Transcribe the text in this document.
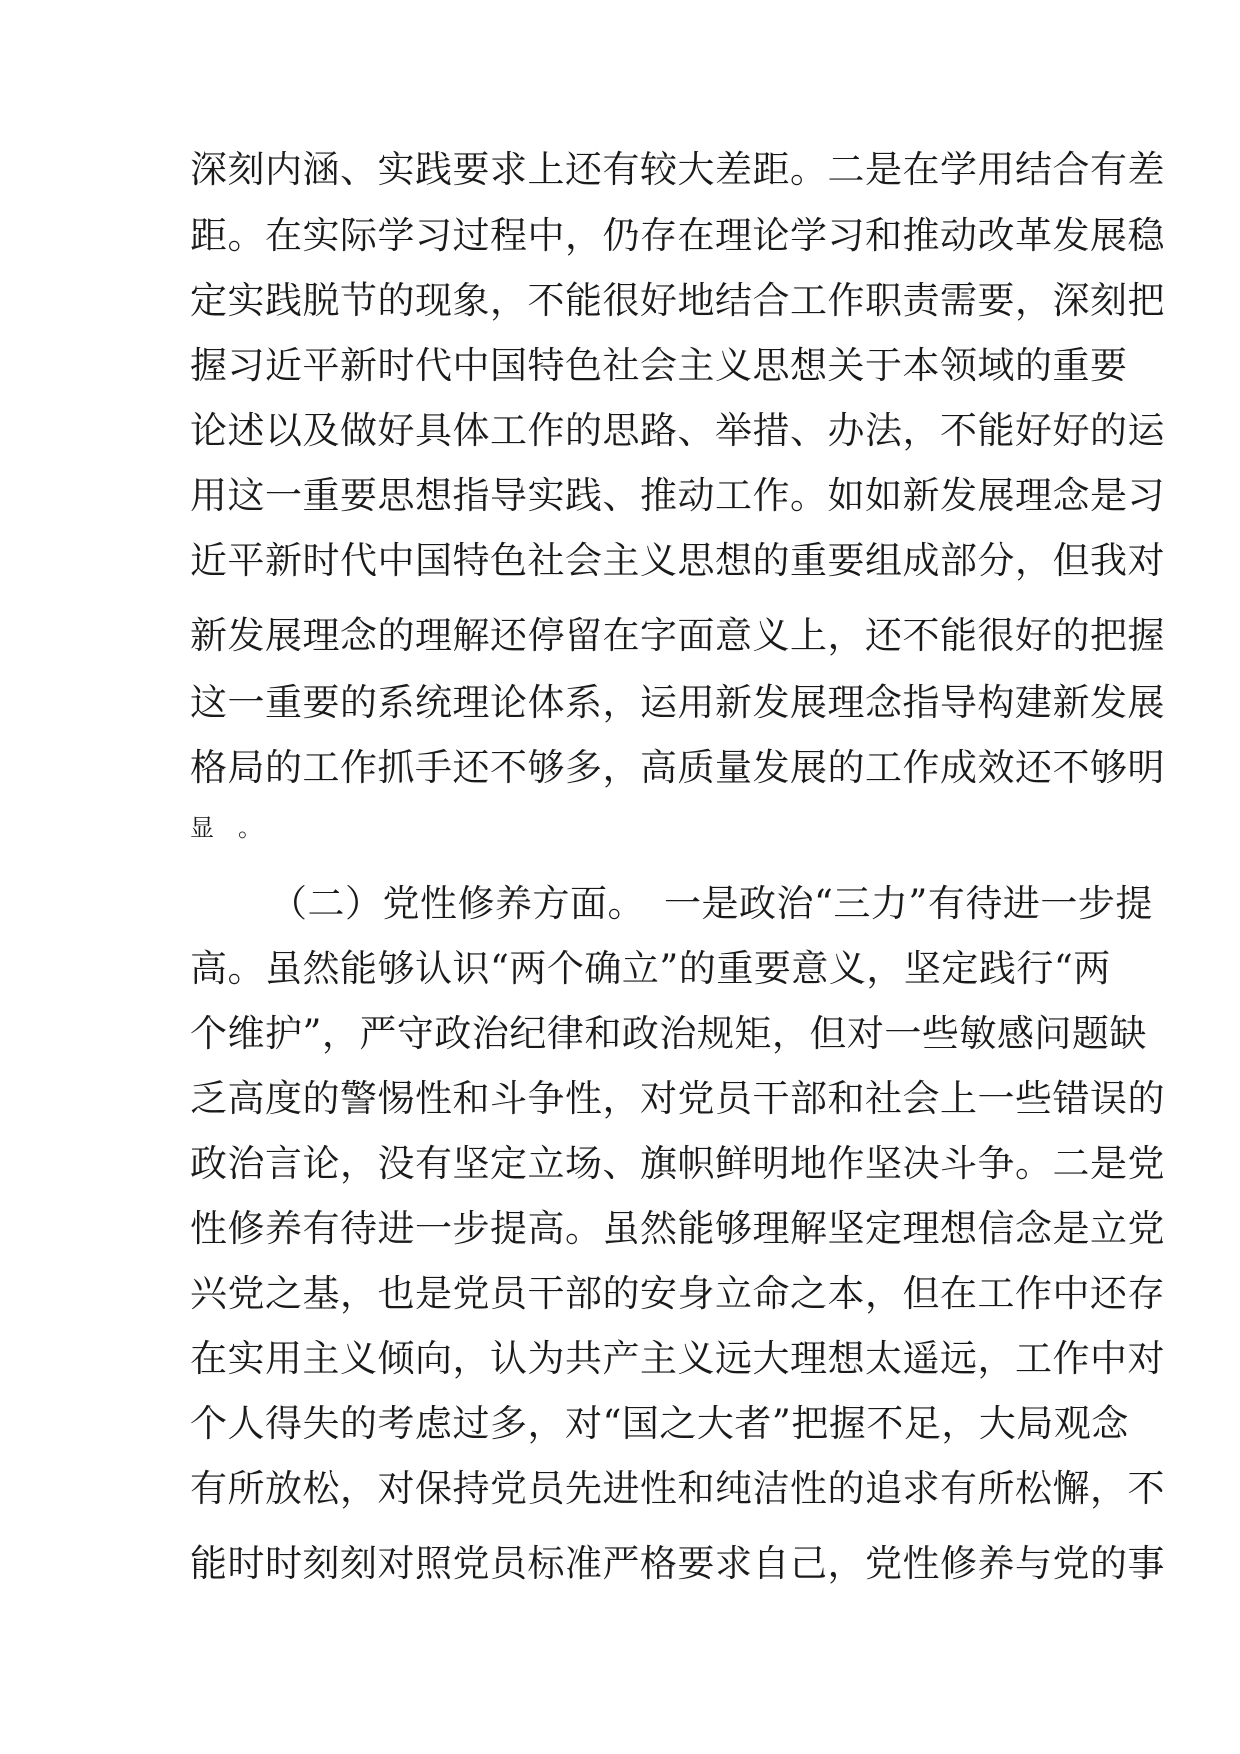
深刻内涵、实践要求上还有较大差距。二是在学用结合有差
距。在实际学习过程中，仍存在理论学习和推动改革发展稳
定实践脱节的现象，不能很好地结合工作职责需要，深刻把
握习近平新时代中国特色社会主义思想关于本领域的重要
论述以及做好具体工作的思路、举措、办法，不能好好的运
用这一重要思想指导实践、推动工作。如如新发展理念是习
近平新时代中国特色社会主义思想的重要组成部分，但我对
新发展理念的理解还停留在字面意义上，还不能很好的把握
这一重要的系统理论体系，运用新发展理念指导构建新发展
格局的工作抓手还不够多，高质量发展的工作成效还不够明
显　。
（二）党性修养方面。　一是政治“三力”有待进一步提
高。虽然能够认识“两个确立”的重要意义，坚定践行“两
个维护”，严守政治纪律和政治规矩，但对一些敏感问题缺
乏高度的警惕性和斗争性，对党员干部和社会上一些错误的
政治言论，没有坚定立场、旗帜鲜明地作坚决斗争。二是党
性修养有待进一步提高。虽然能够理解坚定理想信念是立党
兴党之基，也是党员干部的安身立命之本，但在工作中还存
在实用主义倾向，认为共产主义远大理想太遥远，工作中对
个人得失的考虑过多，对“国之大者”把握不足，大局观念
有所放松，对保持党员先进性和纯洁性的追求有所松懈，不
能时时刻刻对照党员标准严格要求自己，党性修养与党的事
